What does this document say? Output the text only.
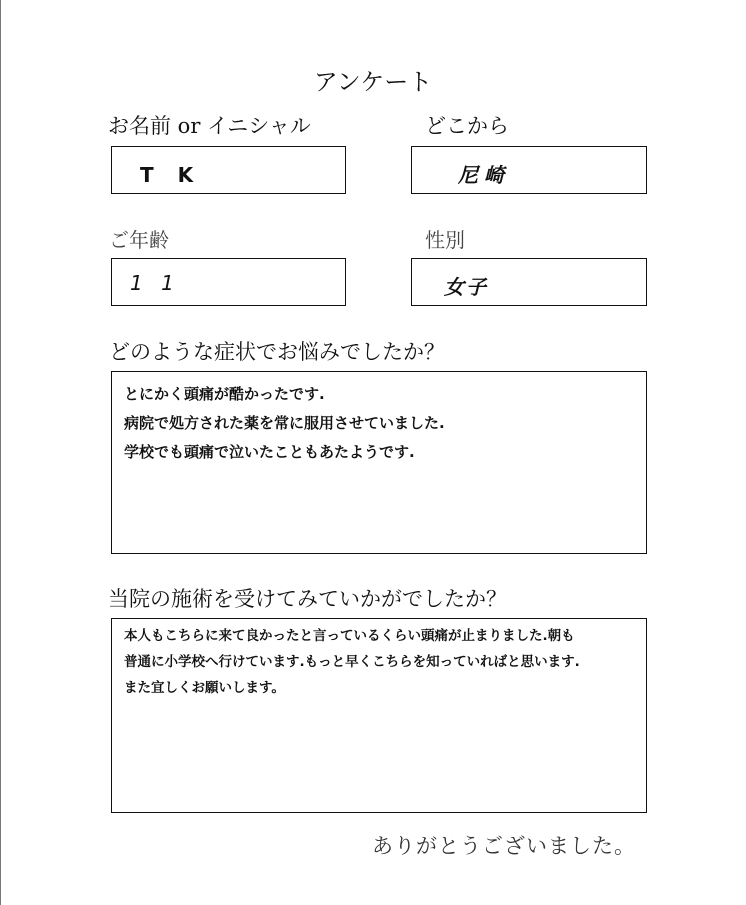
アンケート
お名前 or イニシャル
T　K
どこから
尼崎
ご年齢
1 1
性別
女子
どのような症状でお悩みでしたか？
とにかく頭痛が酷かったです.
病院で処方された薬を常に服用させていました.
学校でも頭痛で泣いたこともあたようです.
当院の施術を受けてみていかがでしたか？
本人もこちらに来て良かったと言っているくらい頭痛が止まりました.朝も
普通に小学校へ行けています.もっと早くこちらを知っていればと思います.
また宜しくお願いします。
ありがとうございました。
